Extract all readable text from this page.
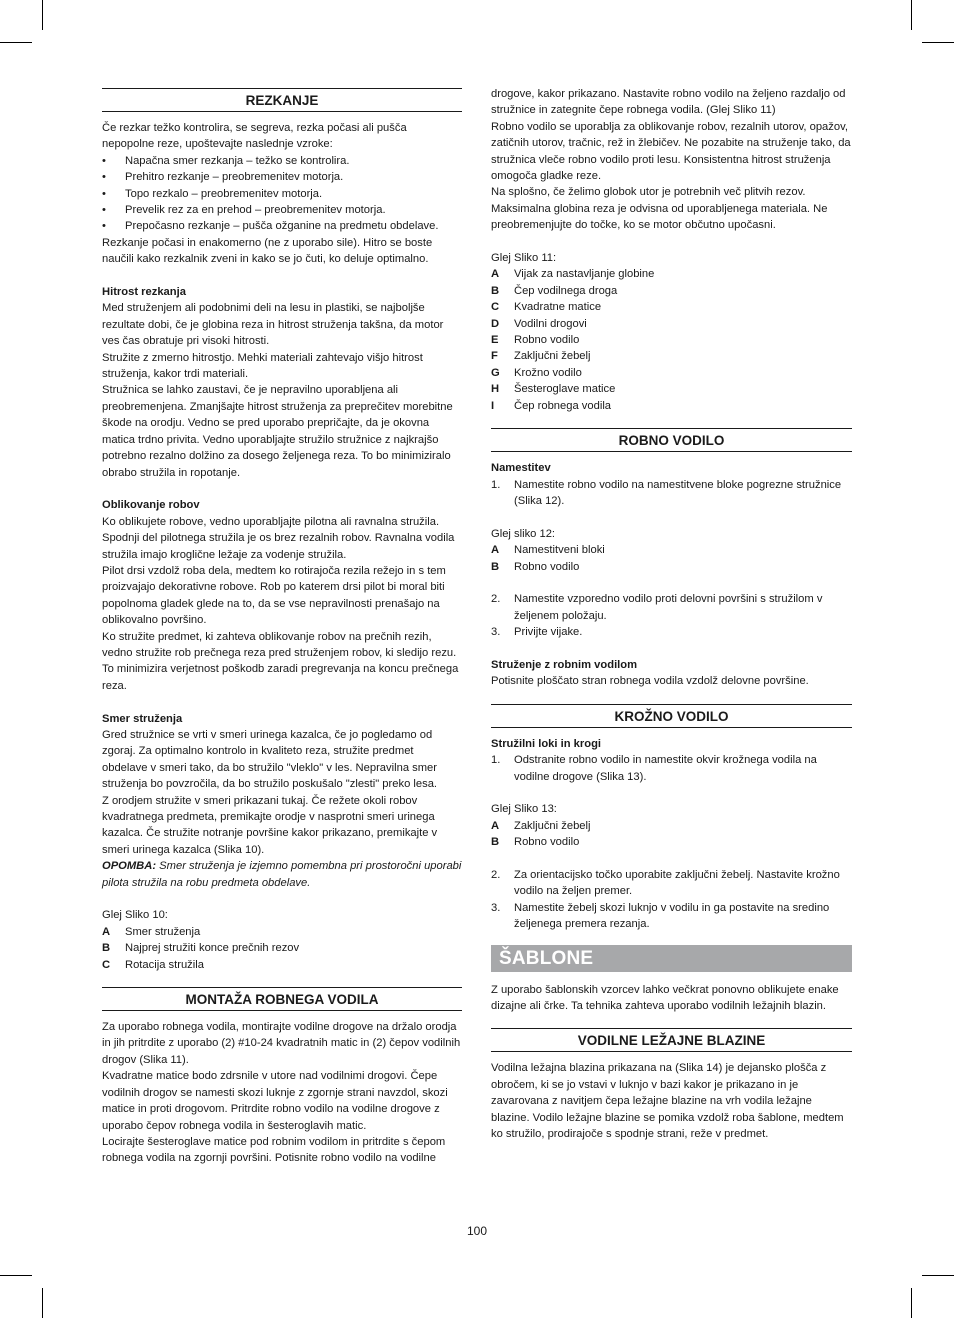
REZKANJE

Če rezkar težko kontrolira, se segreva, rezka počasi ali pušča nepopolne reze, upoštevajte naslednje vzroke:

•	Napačna smer rezkanja – težko se kontrolira.
•	Prehitro rezkanje – preobremenitev motorja.
•	Topo rezkalo – preobremenitev motorja.
•	Prevelik rez za en prehod – preobremenitev motorja.
•	Prepočasno rezkanje – pušča ožganine na predmetu obdelave.

Rezkanje počasi in enakomerno (ne z uporabo sile). Hitro se boste naučili kako rezkalnik zveni in kako se jo čuti, ko deluje optimalno.

Hitrost rezkanja

Med struženjem ali podobnimi deli na lesu in plastiki, se najboljše rezultate dobi, če je globina reza in hitrost struženja takšna, da motor ves čas obratuje pri visoki hitrosti.

Stružite z zmerno hitrostjo. Mehki materiali zahtevajo višjo hitrost struženja, kakor trdi materiali.

Stružnica se lahko zaustavi, če je nepravilno uporabljena ali preobremenjena. Zmanjšajte hitrost struženja za preprečitev morebitne škode na orodju. Vedno se pred uporabo prepričajte, da je okovna matica trdno privita. Vedno uporabljajte stružilo stružnice z najkrajšo potrebno rezalno dolžino za dosego željenega reza. To bo minimiziralo obrabo stružila in ropotanje.

Oblikovanje robov

Ko oblikujete robove, vedno uporabljajte pilotna ali ravnalna stružila. Spodnji del pilotnega stružila je os brez rezalnih robov. Ravnalna vodila stružila imajo kroglične ležaje za vodenje stružila.

Pilot drsi vzdolž roba dela, medtem ko rotirajoča rezila režejo in s tem proizvajajo dekorativne robove. Rob po katerem drsi pilot bi moral biti popolnoma gladek glede na to, da se vse nepravilnosti prenašajo na oblikovalno površino.

Ko stružite predmet, ki zahteva oblikovanje robov na prečnih rezih, vedno stružite rob prečnega reza pred struženjem robov, ki sledijo rezu. To minimizira verjetnost poškodb zaradi pregrevanja na koncu prečnega reza.

Smer struženja

Gred stružnice se vrti v smeri urinega kazalca, če jo pogledamo od zgoraj. Za optimalno kontrolo in kvaliteto reza, stružite predmet obdelave v smeri tako, da bo stružilo "vleklo" v les. Nepravilna smer struženja bo povzročila, da bo stružilo poskušalo "zlesti" preko lesa.

Z orodjem stružite v smeri prikazani tukaj. Če režete okoli robov kvadratnega predmeta, premikajte orodje v nasprotni smeri urinega kazalca. Če stružite notranje površine kakor prikazano, premikajte v smeri urinega kazalca (Slika 10).

OPOMBA: Smer struženja je izjemno pomembna pri prostoročni uporabi pilota stružila na robu predmeta obdelave.

Glej Sliko 10:

A	Smer struženja
B	Najprej stružiti konce prečnih rezov
C	Rotacija stružila
MONTAŽA ROBNEGA VODILA

Za uporabo robnega vodila, montirajte vodilne drogove na držalo orodja in jih pritrdite z uporabo (2) #10-24 kvadratnih matic in (2) čepov vodilnih drogov (Slika 11).

Kvadratne matice bodo zdrsnile v utore nad vodilnimi drogovi. Čepe vodilnih drogov se namesti skozi luknje z zgornje strani navzdol, skozi matice in proti drogovom. Pritrdite robno vodilo na vodilne drogove z uporabo čepov robnega vodila in šesteroglavih matic.

Locirajte šesteroglave matice pod robnim vodilom in pritrdite s čepom robnega vodila na zgornji površini. Potisnite robno vodilo na vodilne

drogove, kakor prikazano. Nastavite robno vodilo na željeno razdaljo od stružnice in zategnite čepe robnega vodila. (Glej Sliko 11)

Robno vodilo se uporablja za oblikovanje robov, rezalnih utorov, opažov, zatičnih utorov, tračnic, rež in žlebičev. Ne pozabite na struženje tako, da stružnica vleče robno vodilo proti lesu. Konsistentna hitrost struženja omogoča gladke reze.

Na splošno, če želimo globok utor je potrebnih več plitvih rezov. Maksimalna globina reza je odvisna od uporabljenega materiala. Ne preobremenjujte do točke, ko se motor občutno upočasni.

Glej Sliko 11:

A	Vijak za nastavljanje globine
B	Čep vodilnega droga
C	Kvadratne matice
D	Vodilni drogovi
E	Robno vodilo
F	Zaključni žebelj
G	Krožno vodilo
H	Šesteroglave matice
I	Čep robnega vodila
ROBNO VODILO

Namestitev

1.	Namestite robno vodilo na namestitvene bloke pogrezne stružnice (Slika 12).

Glej sliko 12:

A	Namestitveni bloki
B	Robno vodilo
2.	Namestite vzporedno vodilo proti delovni površini s stružilom v željenem položaju.
3.	Privijte vijake.

Struženje z robnim vodilom

Potisnite ploščato stran robnega vodila vzdolž delovne površine.

KROŽNO VODILO

Stružilni loki in krogi

1.	Odstranite robno vodilo in namestite okvir krožnega vodila na vodilne drogove (Slika 13).

Glej Sliko 13:

A	Zaključni žebelj
B	Robno vodilo
2.	Za orientacijsko točko uporabite zaključni žebelj. Nastavite krožno vodilo na željen premer.
3.	Namestite žebelj skozi luknjo v vodilu in ga postavite na sredino željenega premera rezanja.
ŠABLONE

Z uporabo šablonskih vzorcev lahko večkrat ponovno oblikujete enake dizajne ali črke. Ta tehnika zahteva uporabo vodilnih ležajnih blazin.

VODILNE LEŽAJNE BLAZINE

Vodilna ležajna blazina prikazana na (Slika 14) je dejansko plošča z obročem, ki se jo vstavi v luknjo v bazi kakor je prikazano in je zavarovana z navitjem čepa ležajne blazine na vrh vodila ležajne blazine. Vodilo ležajne blazine se pomika vzdolž roba šablone, medtem ko stružilo, prodirajoče s spodnje strani, reže v predmet.

100
